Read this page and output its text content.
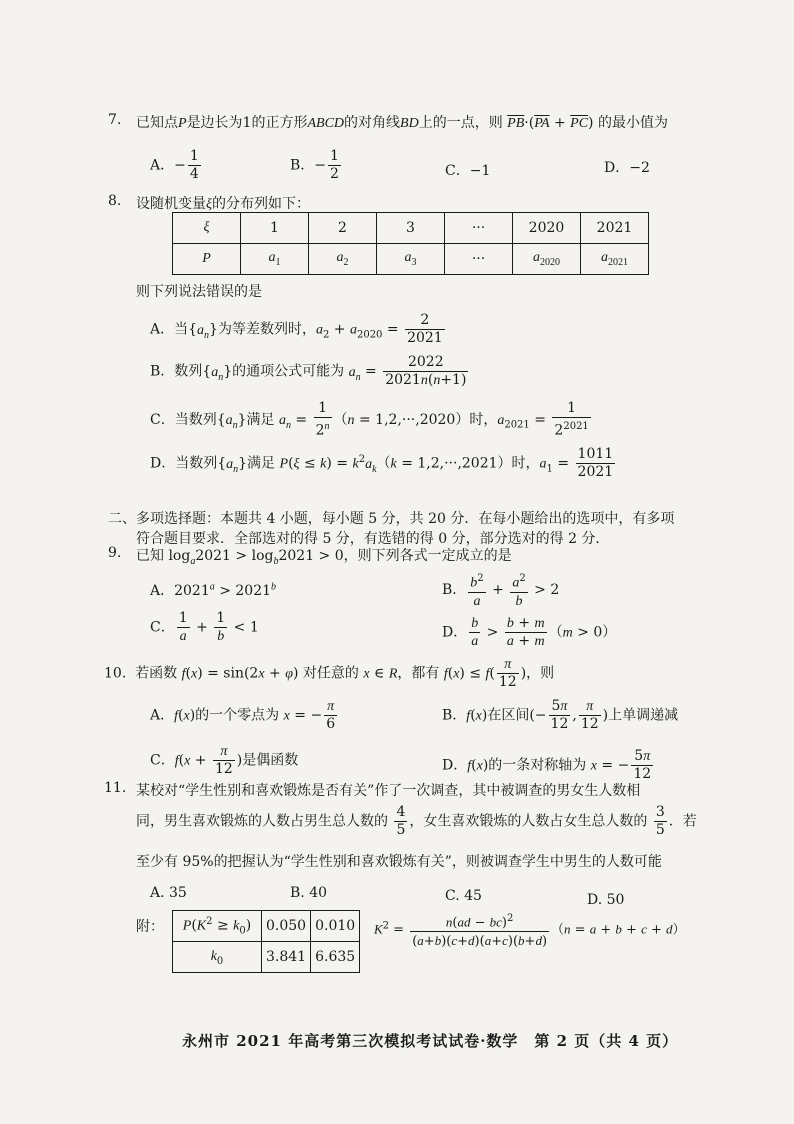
7. 已知点P是边长为1的正方形ABCD的对角线BD上的一点，则 $\overline{PB}\cdot(\overline{PA} + \overline{PC})$ 的最小值为
A．− $\frac{1}{4}$	B．− $\frac{1}{2}$	C．−1	D．−2
8. 设随机变量ξ的分布列如下：
ξ	1	2	3	···	2020	2021
P	$a_1$	$a_2$	$a_3$	···	$a_{2020}$	$a_{2021}$
则下列说法错误的是
A．当$\{a_n\}$为等差数列时，$a_2 + a_{2020} = \frac{2}{2021}$
B．数列$\{a_n\}$的通项公式可能为 $a_n = \frac{2022}{2021n(n+1)}$
C．当数列$\{a_n\}$满足 $a_n = \frac{1}{2^n} (n = 1,2,\cdot\cdot\cdot,2020)$时，$a_{2021} = \frac{1}{2^{2021}}$
D．当数列$\{a_n\}$满足 $P(\xi \le k) = k^2a_k(k = 1,2,\cdot\cdot\cdot,2021)$时，$a_1 = \frac{1011}{2021}$
二、多项选择题：本题共 4 小题，每小题 5 分，共 20 分．在每小题给出的选项中，有多项
符合题目要求．全部选对的得 5 分，有选错的得 0 分，部分选对的得 2 分．
9. 已知 $\log_a2021 > \log_b2021 > 0$，则下列各式一定成立的是
A．$2021^a > 2021^b$	B． $\frac{b^2}{a} + \frac{a^2}{b} > 2$
C． $\frac{1}{a} + \frac{1}{b} < 1$	D． $\frac{b}{a} > \frac{b + m}{a + m} (m > 0)$
10.  若函数 f(x) = sin(2x + φ) 对任意的 x ∈ R，都有 $f(x) \le f( \frac{\pi}{12}$ )，则
A．f(x)的一个零点为 x = − $\frac{\pi}{6}$	B．f(x)在区间(− $\frac{5\pi}{12}$ , $\frac{\pi}{12}$ )上单调递减
C．$f(x + \frac{\pi}{12}$ )是偶函数	D．f(x)的一条对称轴为 x = − $\frac{5\pi}{12}$
11. 某校对“学生性别和喜欢锻炼是否有关”作了一次调查，其中被调查的男女生人数相
同，男生喜欢锻炼的人数占男生总人数的 $\frac{4}{5}$ ，女生喜欢锻炼的人数占女生总人数的 $\frac{3}{5}$ ．若
至少有 95%的把握认为“学生性别和喜欢锻炼有关”，则被调查学生中男生的人数可能
A. 35	B. 40	C. 45	D. 50
附： $P(K^2 \ge k_0)$	0.050	0.010
$k_0$	3.841	6.635
$K^2 = \frac{n(ad - bc)^2}{(a+b)(c+d)(a+c)(b+d)} (n = a + b + c + d)$
永州市 2021 年高考第三次模拟考试试卷·数学　第 2 页（共 4 页）
